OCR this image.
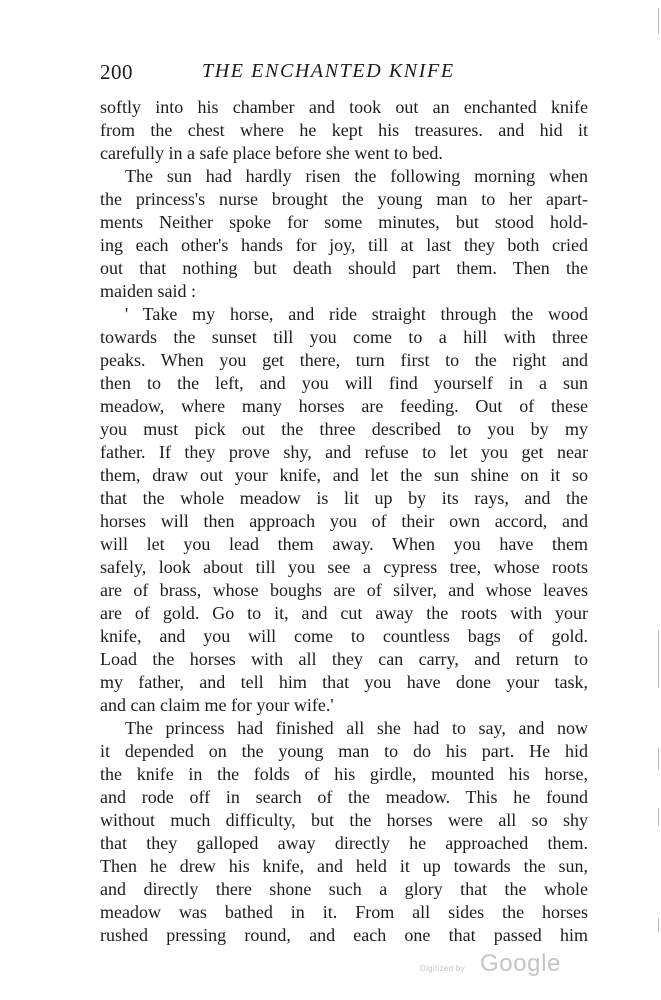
200	THE ENCHANTED KNIFE
softly into his chamber and took out an enchanted knife
from the chest where he kept his treasures. and hid it
carefully in a safe place before she went to bed.
The sun had hardly risen the following morning when
the princess's nurse brought the young man to her apart-
ments Neither spoke for some minutes, but stood hold-
ing each other's hands for joy, till at last they both cried
out that nothing but death should part them. Then the
maiden said :
' Take my horse, and ride straight through the wood
towards the sunset till you come to a hill with three
peaks. When you get there, turn first to the right and
then to the left, and you will find yourself in a sun
meadow, where many horses are feeding. Out of these
you must pick out the three described to you by my
father. If they prove shy, and refuse to let you get near
them, draw out your knife, and let the sun shine on it so
that the whole meadow is lit up by its rays, and the
horses will then approach you of their own accord, and
will let you lead them away. When you have them
safely, look about till you see a cypress tree, whose roots
are of brass, whose boughs are of silver, and whose leaves
are of gold. Go to it, and cut away the roots with your
knife, and you will come to countless bags of gold.
Load the horses with all they can carry, and return to
my father, and tell him that you have done your task,
and can claim me for your wife.'
The princess had finished all she had to say, and now
it depended on the young man to do his part. He hid
the knife in the folds of his girdle, mounted his horse,
and rode off in search of the meadow. This he found
without much difficulty, but the horses were all so shy
that they galloped away directly he approached them.
Then he drew his knife, and held it up towards the sun,
and directly there shone such a glory that the whole
meadow was bathed in it. From all sides the horses
rushed pressing round, and each one that passed him
Digitized by Google
